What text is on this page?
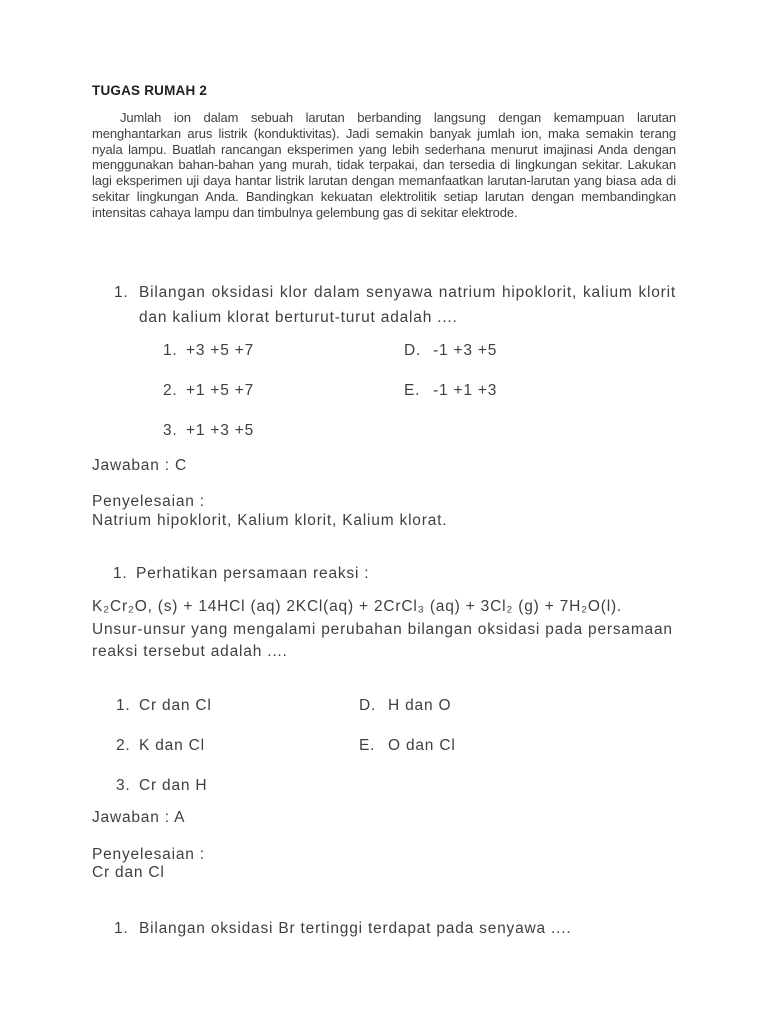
TUGAS RUMAH 2
Jumlah ion dalam sebuah larutan berbanding langsung dengan kemampuan larutan
menghantarkan arus listrik (konduktivitas). Jadi semakin banyak jumlah ion, maka semakin terang
nyala lampu. Buatlah rancangan eksperimen yang lebih sederhana menurut imajinasi Anda dengan
menggunakan bahan-bahan yang murah, tidak terpakai, dan tersedia di lingkungan sekitar. Lakukan
lagi eksperimen uji daya hantar listrik larutan dengan memanfaatkan larutan-larutan yang biasa ada di
sekitar lingkungan Anda. Bandingkan kekuatan elektrolitik setiap larutan dengan membandingkan
intensitas cahaya lampu dan timbulnya gelembung gas di sekitar elektrode.
1. Bilangan oksidasi klor dalam senyawa natrium hipoklorit, kalium klorit
dan kalium klorat berturut-turut adalah ....
1. +3 +5 +7
2. +1 +5 +7
3. +1 +3 +5
D. -1 +3 +5
E. -1 +1 +3
Jawaban : C
Penyelesaian :
Natrium hipoklorit, Kalium klorit, Kalium klorat.
1. Perhatikan persamaan reaksi :
K₂Cr₂O, (s) + 14HCl (aq) 2KCl(aq) + 2CrCl₃ (aq) + 3Cl₂ (g) + 7H₂O(l).
Unsur-unsur yang mengalami perubahan bilangan oksidasi pada persamaan
reaksi tersebut adalah ....
1. Cr dan Cl
2. K dan Cl
3. Cr dan H
D. H dan O
E. O dan Cl
Jawaban : A
Penyelesaian :
Cr dan Cl
1. Bilangan oksidasi Br tertinggi terdapat pada senyawa ....
